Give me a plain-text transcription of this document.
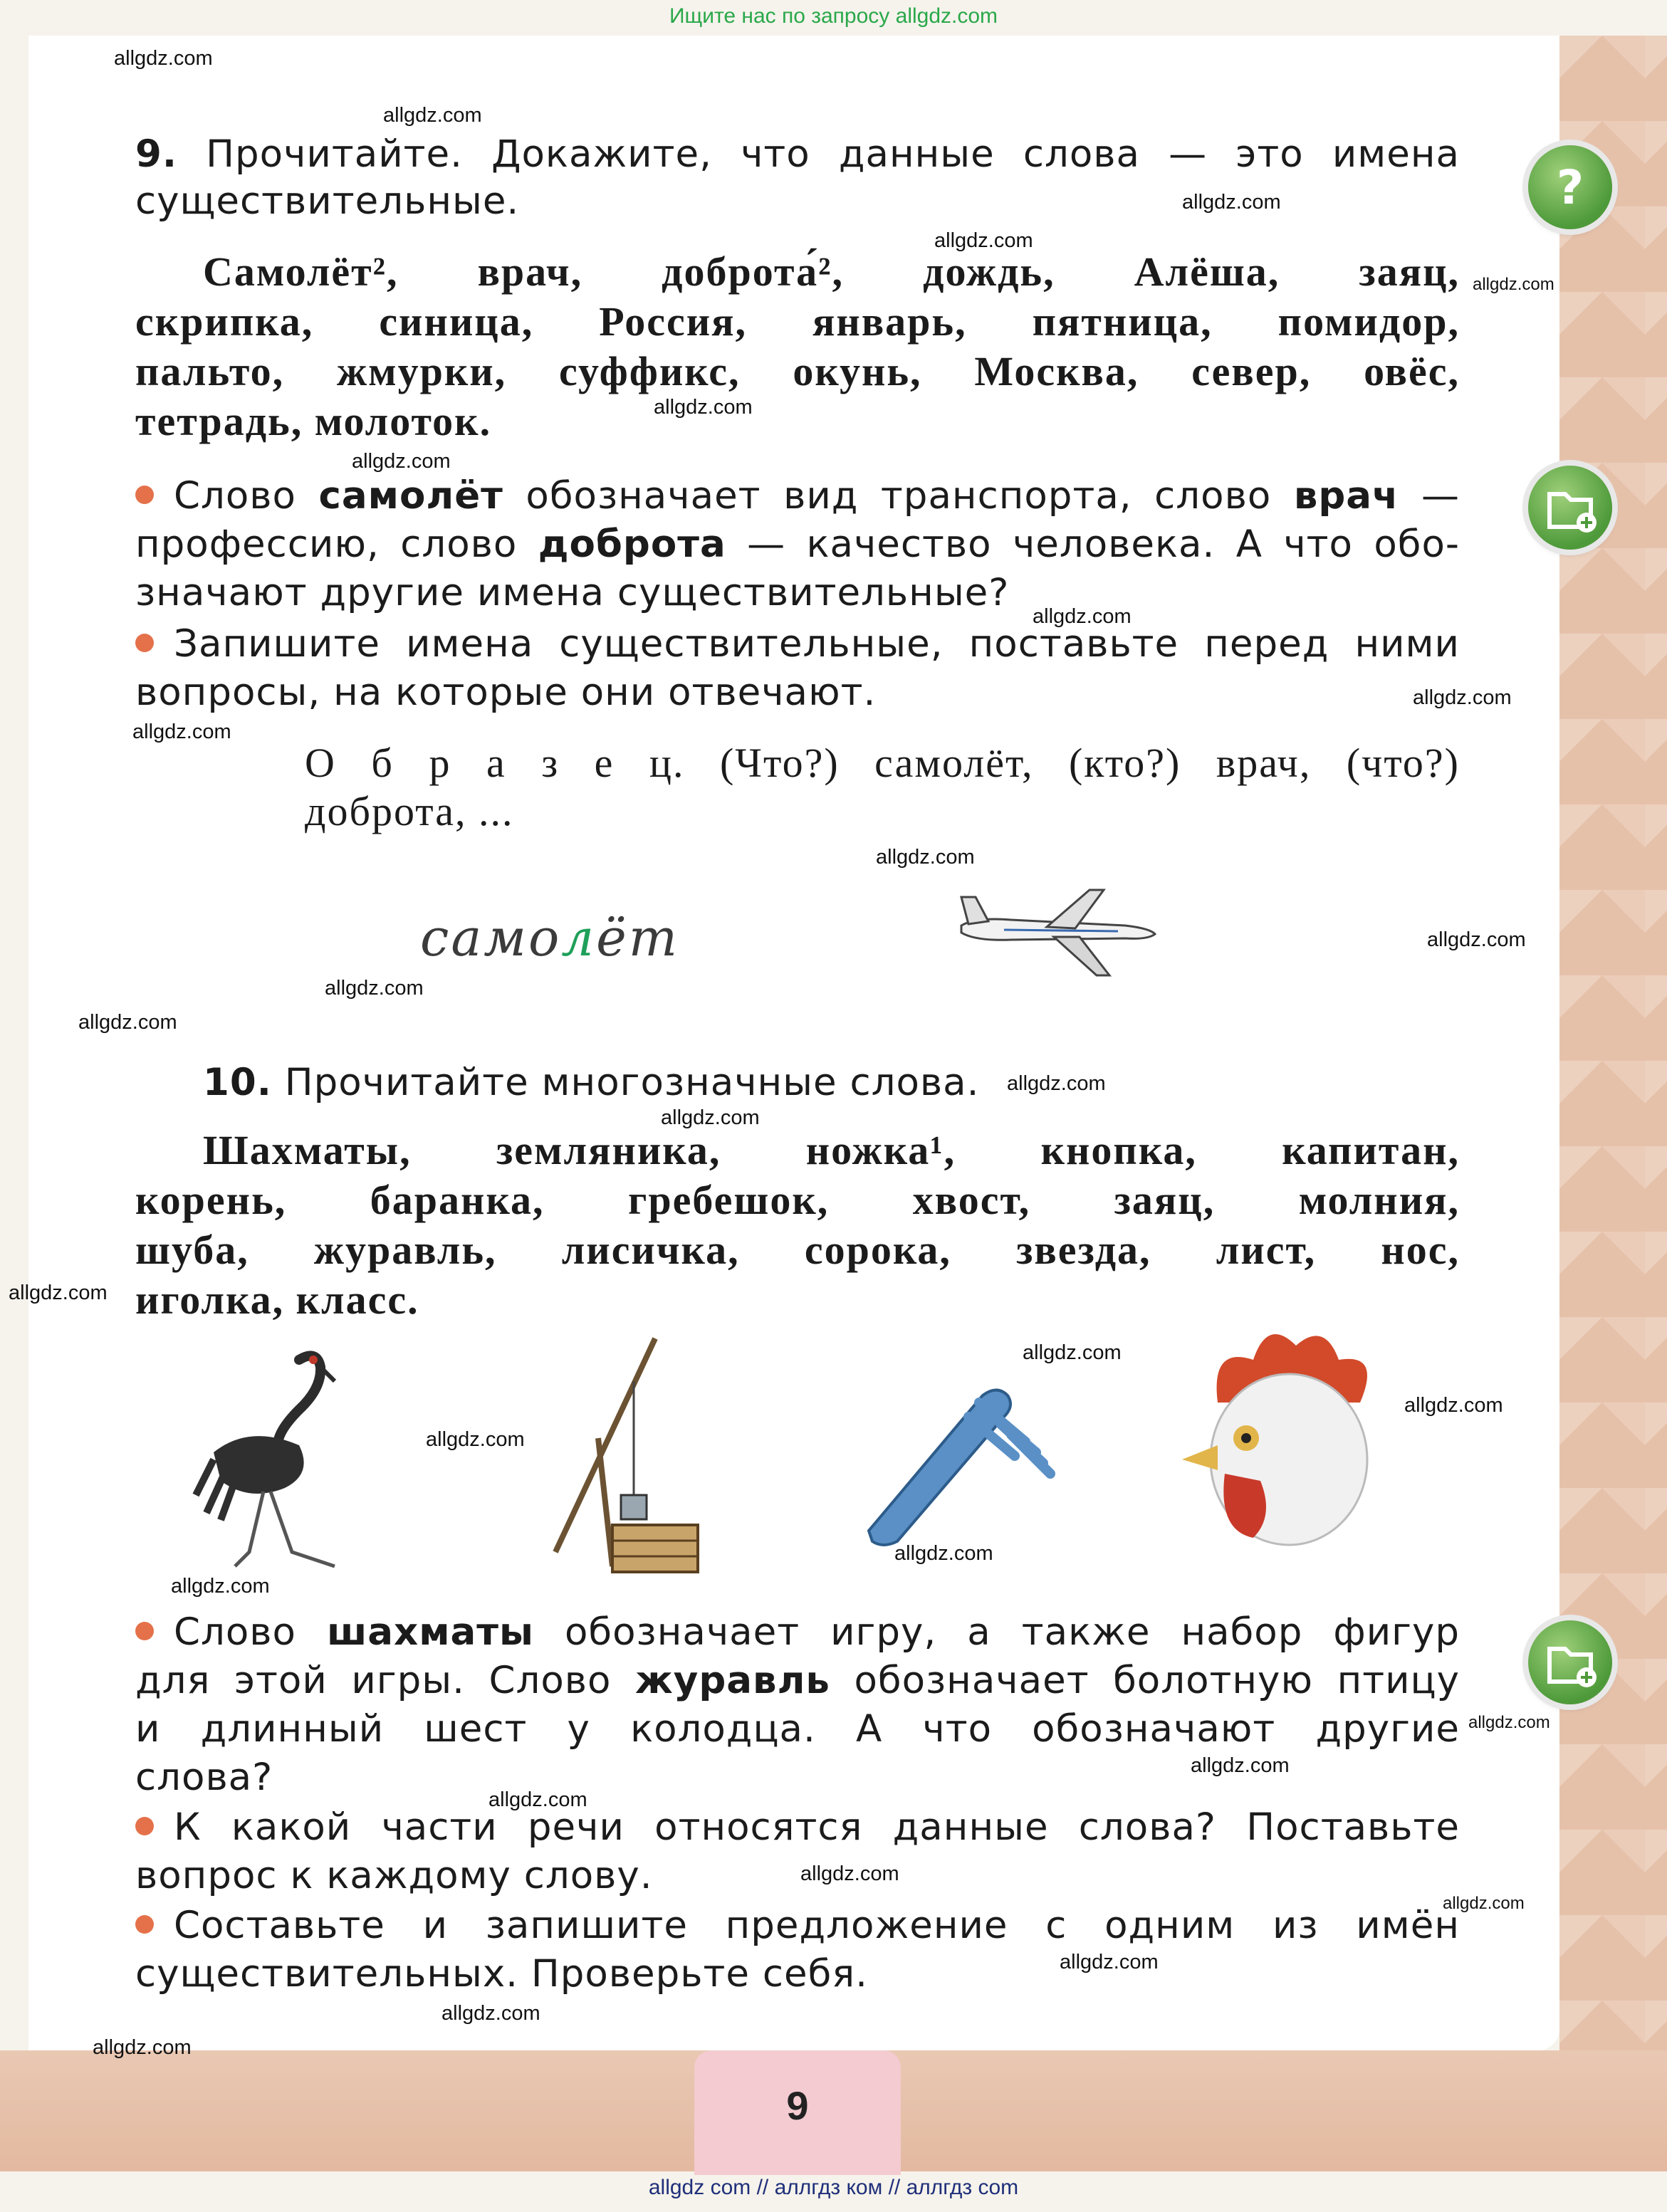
Ищите нас по запросу allgdz.com
allgdz com // аллгдз ком // аллгдз com
allgdz.com
allgdz.com
allgdz.com
allgdz.com
allgdz.com
allgdz.com
allgdz.com
allgdz.com
allgdz.com
allgdz.com
allgdz.com
allgdz.com
allgdz.com
allgdz.com
allgdz.com
allgdz.com
allgdz.com
allgdz.com
allgdz.com
allgdz.com
allgdz.com
allgdz.com
allgdz.com
allgdz.com
allgdz.com
allgdz.com
allgdz.com
allgdz.com
allgdz.com
allgdz.com
?
9. Прочитайте. Докажите, что данные слова — это имена
существительные.
Самолёт², врач, доброта́², дождь, Алёша, заяц,
скрипка, синица, Россия, январь, пятница, помидор,
пальто, жмурки, суффикс, окунь, Москва, север, овёс,
тетрадь, молоток.
Слово самолёт обозначает вид транспорта, слово врач —
профессию, слово доброта — качество человека. А что обо-
значают другие имена существительные?
Запишите имена существительные, поставьте перед ними
вопросы, на которые они отвечают.
О б р а з е ц. (Что?) самолёт, (кто?) врач, (что?)
доброта, ...
самолёт
10. Прочитайте многозначные слова.
Шахматы, земляника, ножка¹, кнопка, капитан,
корень, баранка, гребешок, хвост, заяц, молния,
шуба, журавль, лисичка, сорока, звезда, лист, нос,
иголка, класс.
Слово шахматы обозначает игру, а также набор фигур
для этой игры. Слово журавль обозначает болотную птицу
и длинный шест у колодца. А что обозначают другие
слова?
К какой части речи относятся данные слова? Поставьте
вопрос к каждому слову.
Составьте и запишите предложение с одним из имён
существительных. Проверьте себя.
9
